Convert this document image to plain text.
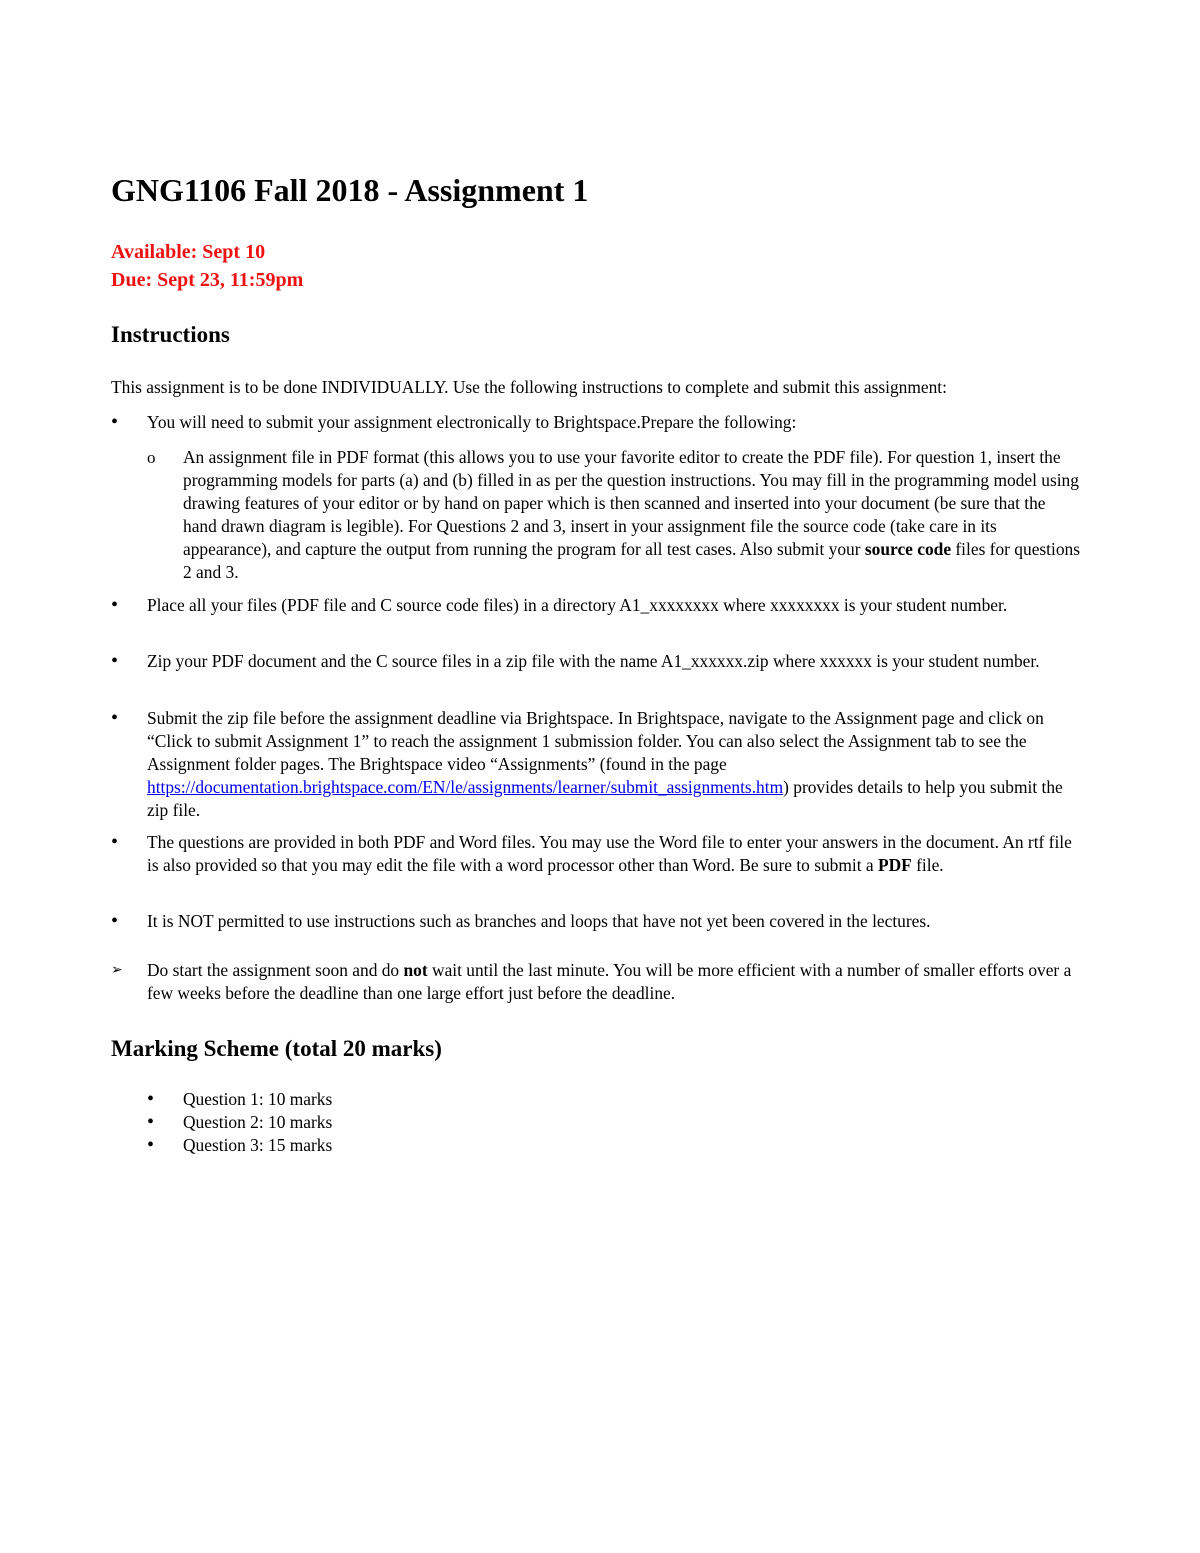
GNG1106 Fall 2018 - Assignment 1
Available: Sept 10
Due: Sept 23, 11:59pm
Instructions
This assignment is to be done INDIVIDUALLY. Use the following instructions to complete and submit this assignment:
•	You will need to submit your assignment electronically to Brightspace.Prepare the following:
o	An assignment file in PDF format (this allows you to use your favorite editor to create the PDF file). For question 1, insert the programming models for parts (a) and (b) filled in as per the question instructions. You may fill in the programming model using drawing features of your editor or by hand on paper which is then scanned and inserted into your document (be sure that the hand drawn diagram is legible). For Questions 2 and 3, insert in your assignment file the source code (take care in its appearance), and capture the output from running the program for all test cases. Also submit your source code files for questions 2 and 3.
•	Place all your files (PDF file and C source code files) in a directory A1_xxxxxxxx where xxxxxxxx is your student number.
•	Zip your PDF document and the C source files in a zip file with the name A1_xxxxxx.zip where xxxxxx is your student number.
•	Submit the zip file before the assignment deadline via Brightspace. In Brightspace, navigate to the Assignment page and click on “Click to submit Assignment 1” to reach the assignment 1 submission folder. You can also select the Assignment tab to see the Assignment folder pages. The Brightspace video “Assignments” (found in the page https://documentation.brightspace.com/EN/le/assignments/learner/submit_assignments.htm) provides details to help you submit the zip file.
•	The questions are provided in both PDF and Word files. You may use the Word file to enter your answers in the document. An rtf file is also provided so that you may edit the file with a word processor other than Word. Be sure to submit a PDF file.
•	It is NOT permitted to use instructions such as branches and loops that have not yet been covered in the lectures.
➢	Do start the assignment soon and do not wait until the last minute. You will be more efficient with a number of smaller efforts over a few weeks before the deadline than one large effort just before the deadline.
Marking Scheme (total 20 marks)
•	Question 1: 10 marks
•	Question 2: 10 marks
•	Question 3: 15 marks
